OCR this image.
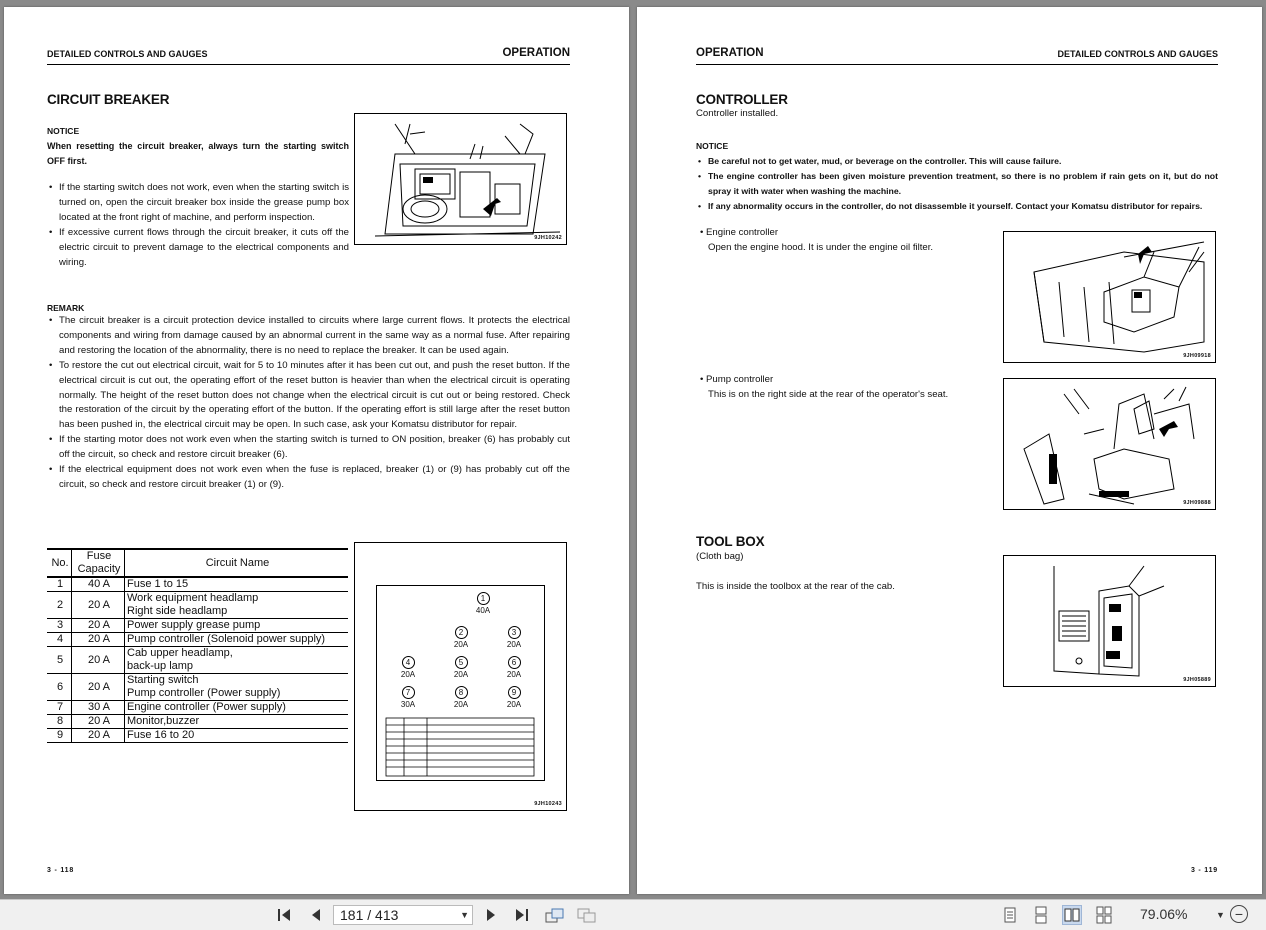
DETAILED CONTROLS AND GAUGES	OPERATION
CIRCUIT BREAKER
NOTICE
When resetting the circuit breaker, always turn the starting switch OFF first.
• If the starting switch does not work, even when the starting switch is turned on, open the circuit breaker box inside the grease pump box located at the front right of machine, and perform inspection.
• If excessive current flows through the circuit breaker, it cuts off the electric circuit to prevent damage to the electrical components and wiring.
9JH10242
REMARK
• The circuit breaker is a circuit protection device installed to circuits where large current flows. It protects the electrical components and wiring from damage caused by an abnormal current in the same way as a normal fuse. After repairing and restoring the location of the abnormality, there is no need to replace the breaker. It can be used again.
• To restore the cut out electrical circuit, wait for 5 to 10 minutes after it has been cut out, and push the reset button. If the electrical circuit is cut out, the operating effort of the reset button is heavier than when the electrical circuit is operating normally. The height of the reset button does not change when the electrical circuit is cut out or being restored. Check the restoration of the circuit by the operating effort of the button. If the operating effort is still large after the reset button has been pushed in, the electrical circuit may be open. In such case, ask your Komatsu distributor for repair.
• If the starting motor does not work even when the starting switch is turned to ON position, breaker (6) has probably cut off the circuit, so check and restore circuit breaker (6).
• If the electrical equipment does not work even when the fuse is replaced, breaker (1) or (9) has probably cut off the circuit, so check and restore circuit breaker (1) or (9).
No.	Fuse Capacity	Circuit Name
1	40 A	Fuse 1 to 15
2	20 A	Work equipment headlamp
Right side headlamp
3	20 A	Power supply grease pump
4	20 A	Pump controller (Solenoid power supply)
5	20 A	Cab upper headlamp,
back-up lamp
6	20 A	Starting switch
Pump controller (Power supply)
7	30 A	Engine controller (Power supply)
8	20 A	Monitor,buzzer
9	20 A	Fuse 16 to 20
9JH10243
1
40A
2
20A
3
20A
4
20A
5
20A
6
20A
7
30A
8
20A
9
20A
3 - 118
OPERATION	DETAILED CONTROLS AND GAUGES
CONTROLLER
Controller installed.
NOTICE
• Be careful not to get water, mud, or beverage on the controller. This will cause failure.
• The engine controller has been given moisture prevention treatment, so there is no problem if rain gets on it, but do not spray it with water when washing the machine.
• If any abnormality occurs in the controller, do not disassemble it yourself. Contact your Komatsu distributor for repairs.
• Engine controller
Open the engine hood. It is under the engine oil filter.
9JH09918
• Pump controller
This is on the right side at the rear of the operator's seat.
9JH09888
TOOL BOX
(Cloth bag)
This is inside the toolbox at the rear of the cab.
9JH05889
3 - 119
181 / 413	▼	79.06%	▼ −
